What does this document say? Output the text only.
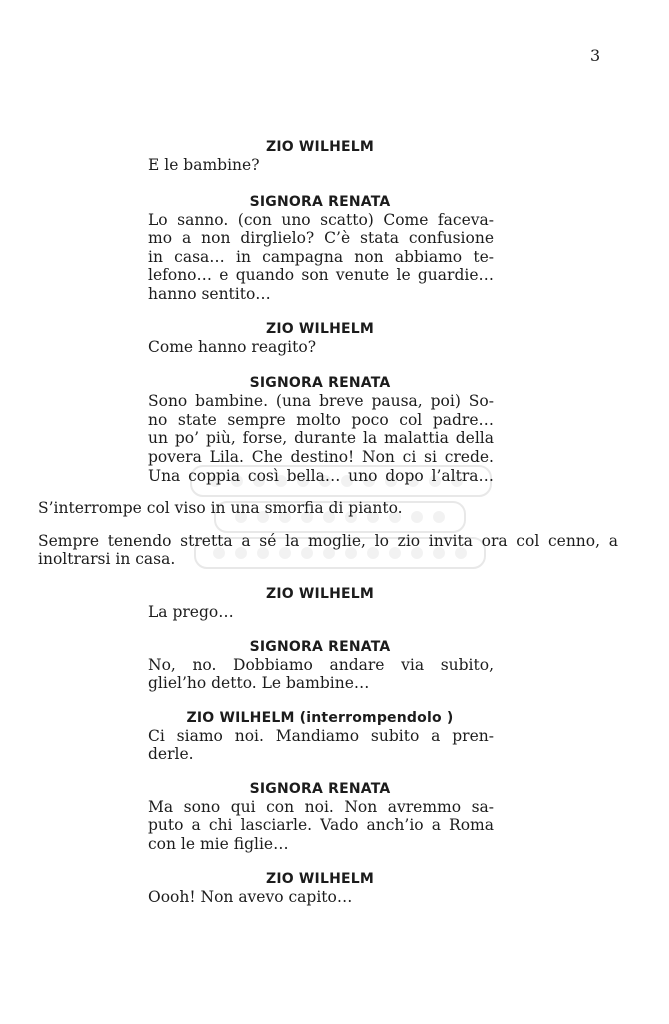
3

ZIO WILHELM

E le bambine?

SIGNORA RENATA

Lo sanno. (con uno scatto) Come faceva-

mo a non dirglielo? C’è stata confusione

in casa… in campagna non abbiamo te-

lefono… e quando son venute le guardie…

hanno sentito…

ZIO WILHELM

Come hanno reagito?

SIGNORA RENATA

Sono bambine. (una breve pausa, poi) So-

no state sempre molto poco col padre…

un po’ più, forse, durante la malattia della

povera Lila. Che destino! Non ci si crede.

Una coppia così bella… uno dopo l’altra…

S’interrompe col viso in una smorfia di pianto.

Sempre tenendo stretta a sé la moglie, lo zio invita ora col cenno, a

inoltrarsi in casa.

ZIO WILHELM

La prego…

SIGNORA RENATA

No, no. Dobbiamo andare via subito,

gliel’ho detto. Le bambine…

ZIO WILHELM (interrompendolo )

Ci siamo noi. Mandiamo subito a pren-

derle.

SIGNORA RENATA

Ma sono qui con noi. Non avremmo sa-

puto a chi lasciarle. Vado anch’io a Roma

con le mie figlie…

ZIO WILHELM

Oooh! Non avevo capito…
